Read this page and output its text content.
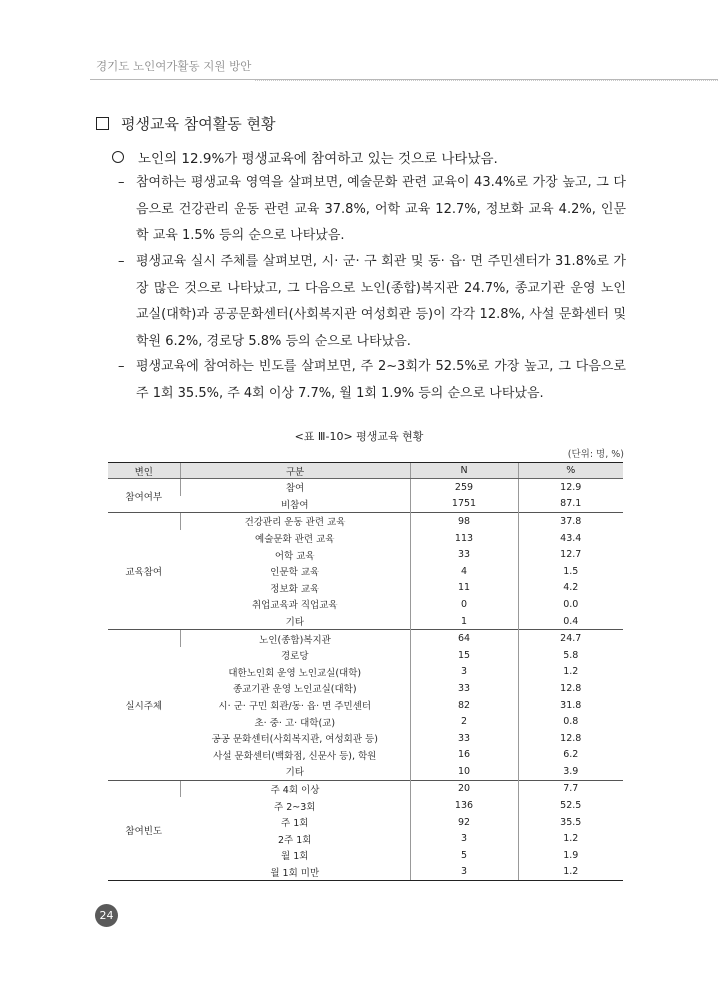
경기도 노인여가활동 지원 방안
평생교육 참여활동 현황
노인의 12.9%가 평생교육에 참여하고 있는 것으로 나타났음.
– 참여하는 평생교육 영역을 살펴보면, 예술문화 관련 교육이 43.4%로 가장 높고, 그 다음으로 건강관리 운동 관련 교육 37.8%, 어학 교육 12.7%, 정보화 교육 4.2%, 인문학 교육 1.5% 등의 순으로 나타났음.
– 평생교육 실시 주체를 살펴보면, 시· 군· 구 회관 및 동· 읍· 면 주민센터가 31.8%로 가장 많은 것으로 나타났고, 그 다음으로 노인(종합)복지관 24.7%, 종교기관 운영 노인교실(대학)과 공공문화센터(사회복지관 여성회관 등)이 각각 12.8%, 사설 문화센터 및 학원 6.2%, 경로당 5.8% 등의 순으로 나타났음.
– 평생교육에 참여하는 빈도를 살펴보면, 주 2~3회가 52.5%로 가장 높고, 그 다음으로 주 1회 35.5%, 주 4회 이상 7.7%, 월 1회 1.9% 등의 순으로 나타났음.
<표 Ⅲ-10> 평생교육 현황
(단위: 명, %)
변인	구분	N	%
참여여부	참여	259	12.9
	비참여	1751	87.1
교육참여	건강관리 운동 관련 교육	98	37.8
	예술문화 관련 교육	113	43.4
	어학 교육	33	12.7
	인문학 교육	4	1.5
	정보화 교육	11	4.2
	취업교육과 직업교육	0	0.0
	기타	1	0.4
실시주체	노인(종합)복지관	64	24.7
	경로당	15	5.8
	대한노인회 운영 노인교실(대학)	3	1.2
	종교기관 운영 노인교실(대학)	33	12.8
	시· 군· 구민 회관/동· 읍· 면 주민센터	82	31.8
	초· 중· 고· 대학(교)	2	0.8
	공공 문화센터(사회복지관, 여성회관 등)	33	12.8
	사설 문화센터(백화점, 신문사 등), 학원	16	6.2
	기타	10	3.9
참여빈도	주 4회 이상	20	7.7
	주 2~3회	136	52.5
	주 1회	92	35.5
	2주 1회	3	1.2
	월 1회	5	1.9
	월 1회 미만	3	1.2
24
